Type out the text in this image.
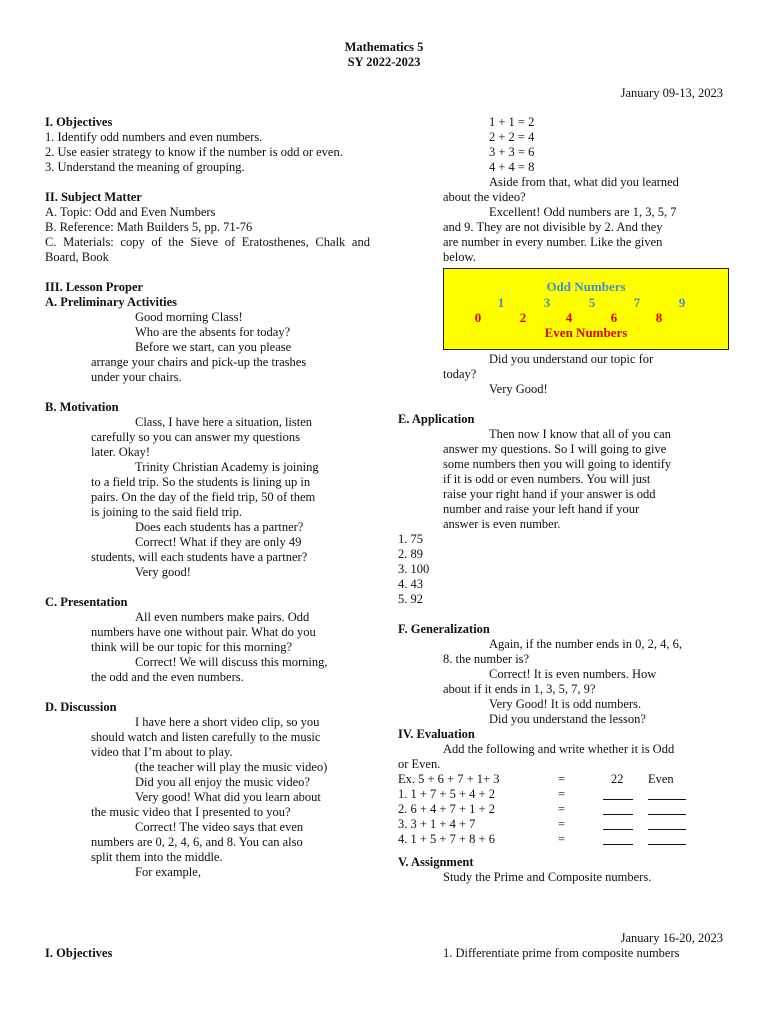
Mathematics 5
SY 2022-2023
January 09-13, 2023
I. Objectives
1. Identify odd numbers and even numbers.
2. Use easier strategy to know if the number is odd or even.
3. Understand the meaning of grouping.
II. Subject Matter
A. Topic: Odd and Even Numbers
B. Reference: Math Builders 5, pp. 71-76
C. Materials: copy of the Sieve of Eratosthenes, Chalk and Board, Book
III. Lesson Proper
A. Preliminary Activities
Good morning Class!
Who are the absents for today?
Before we start, can you please
arrange your chairs and pick-up the trashes
under your chairs.
B. Motivation
Class, I have here a situation, listen
carefully so you can answer my questions
later. Okay!
Trinity Christian Academy is joining
to a field trip. So the students is lining up in
pairs. On the day of the field trip, 50 of them
is joining to the said field trip.
Does each students has a partner?
Correct! What if they are only 49
students, will each students have a partner?
Very good!
C. Presentation
All even numbers make pairs. Odd
numbers have one without pair. What do you
think will be our topic for this morning?
Correct! We will discuss this morning,
the odd and the even numbers.
D. Discussion
I have here a short video clip, so you
should watch and listen carefully to the music
video that I’m about to play.
(the teacher will play the music video)
Did you all enjoy the music video?
Very good! What did you learn about
the music video that I presented to you?
Correct! The video says that even
numbers are 0, 2, 4, 6, and 8. You can also
split them into the middle.
For example,
1 + 1 = 2
2 + 2 = 4
3 + 3 = 6
4 + 4 = 8
Aside from that, what did you learned
about the video?
Excellent! Odd numbers are 1, 3, 5, 7
and 9. They are not divisible by 2. And they
are number in every number. Like the given
below.
Odd Numbers
1	3	5	7	9
0	2	4	6	8
Even Numbers
Did you understand our topic for
today?
Very Good!
E. Application
Then now I know that all of you can
answer my questions. So I will going to give
some numbers then you will going to identify
if it is odd or even numbers. You will just
raise your right hand if your answer is odd
number and raise your left hand if your
answer is even number.
1. 75
2. 89
3. 100
4. 43
5. 92
F. Generalization
Again, if the number ends in 0, 2, 4, 6,
8. the number is?
Correct! It is even numbers. How
about if it ends in 1, 3, 5, 7, 9?
Very Good! It is odd numbers.
Did you understand the lesson?
IV. Evaluation
Add the following and write whether it is Odd
or Even.
Ex. 5 + 6 + 7 + 1+ 3	=	22 Even
1. 1 + 7 + 5 + 4 + 2	=
2. 6 + 4 + 7 + 1 + 2	=
3. 3 + 1 + 4 + 7	=
4. 1 + 5 + 7 + 8 + 6	=
V. Assignment
Study the Prime and Composite numbers.
January 16-20, 2023
I. Objectives	1. Differentiate prime from composite numbers
